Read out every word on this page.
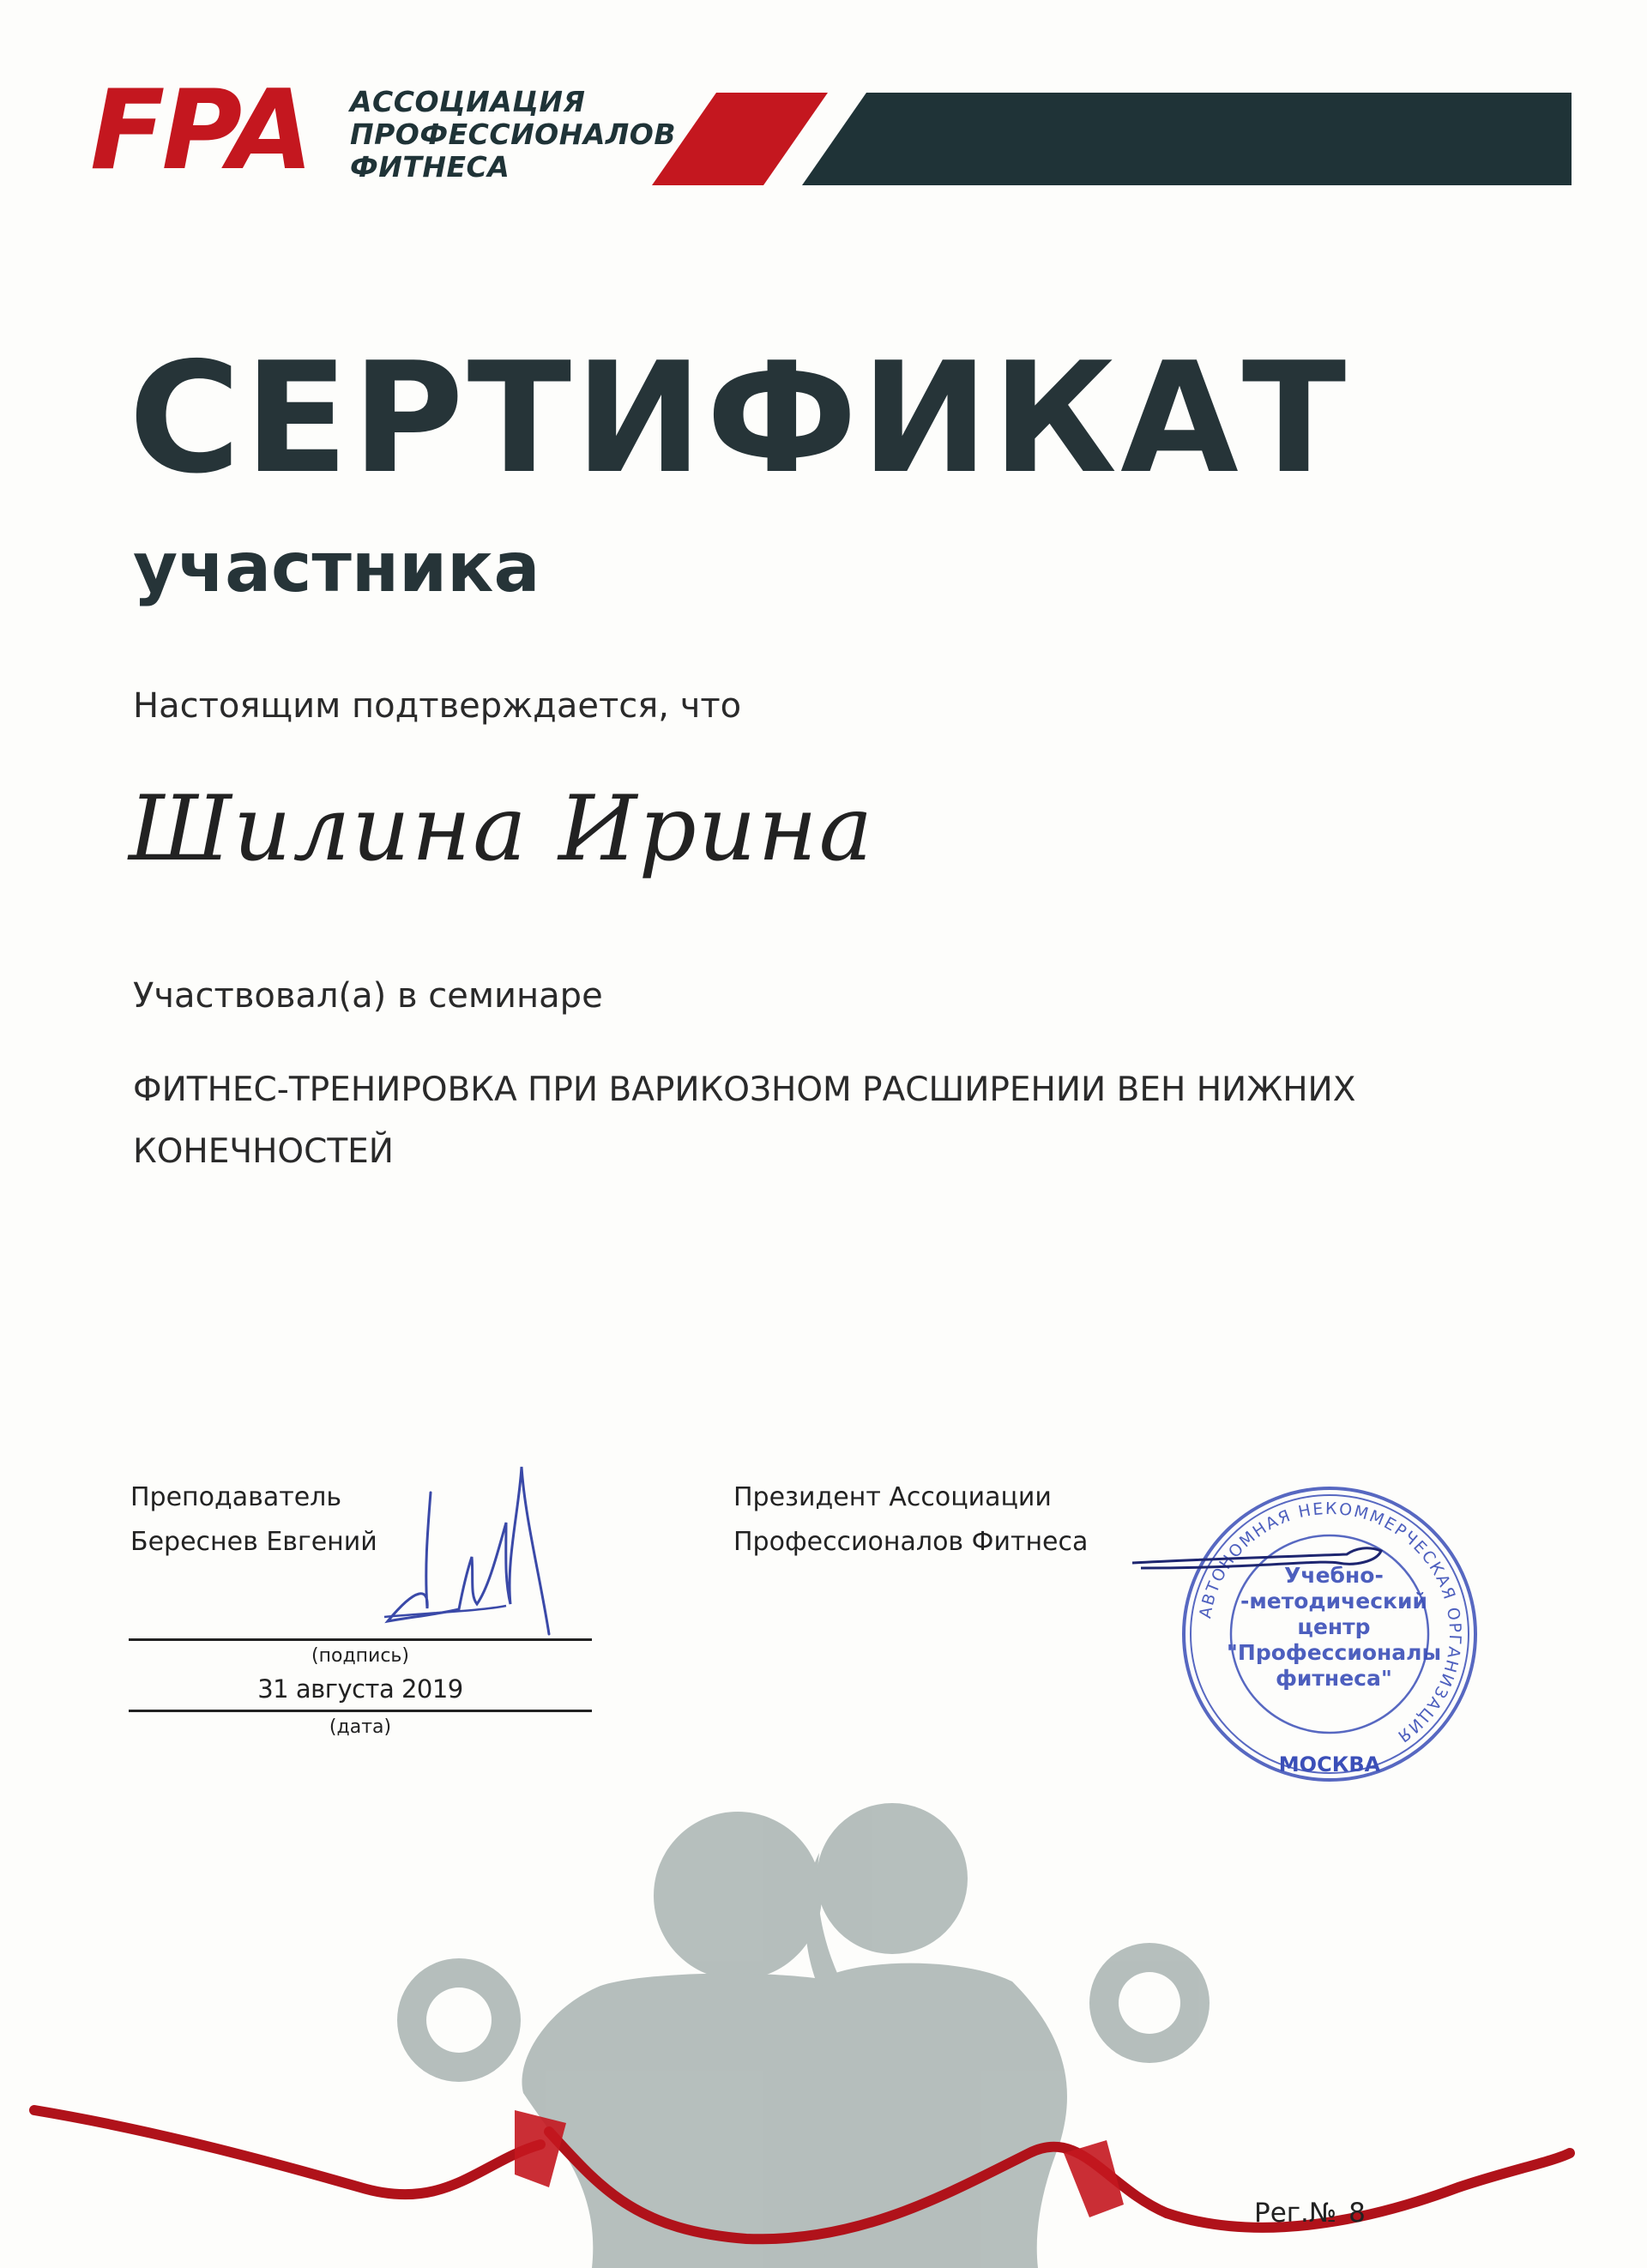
FPA	АССОЦИАЦИЯ
ПРОФЕССИОНАЛОВ
ФИТНЕСА
СЕРТИФИКАТ
участника
Настоящим подтверждается, что
Шилина Ирина
Участвовал(а) в семинаре
ФИТНЕС-ТРЕНИРОВКА ПРИ ВАРИКОЗНОМ РАСШИРЕНИИ ВЕН НИЖНИХ КОНЕЧНОСТЕЙ
Преподаватель
Береснев Евгений
(подпись)
31 августа 2019
(дата)
Президент Ассоциации
Профессионалов Фитнеса
АВТОНОМНАЯ НЕКОММЕРЧЕСКАЯ ОРГАНИЗАЦИЯ
МОСКВА
Учебно-
-методический
центр
"Профессионалы
фитнеса"
Рег.№ 8
